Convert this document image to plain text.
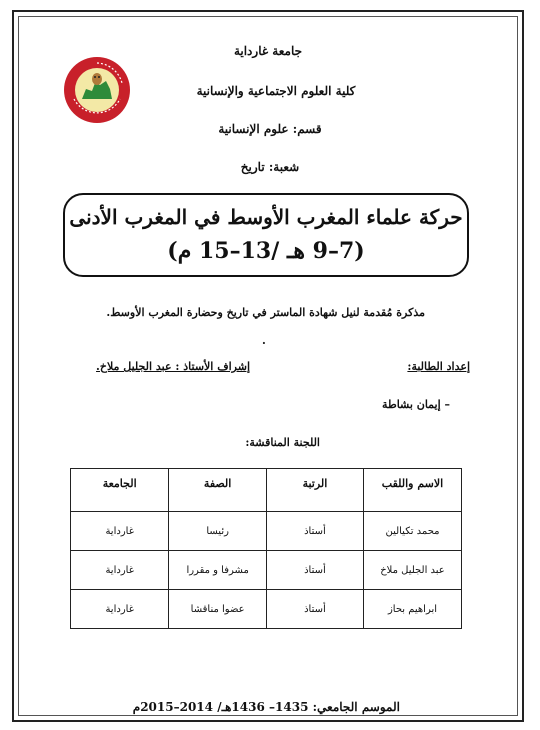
جامعة غارداية
كلية العلوم الاجتماعية والإنسانية
قسم: علوم الإنسانية
شعبة: تاريخ
حركة علماء المغرب الأوسط في المغرب الأدنى
(7–9 هـ /13–15 م)
مذكرة مُقدمة لنيل شهادة الماستر في تاريخ وحضارة المغرب الأوسط.
.
إعداد الطالبة:
إشراف الأستاذ : عبد الجليل ملاخ.
– إيمان بشاطة
اللجنة المناقشة:
الاسم واللقب	الرتبة	الصفة	الجامعة
محمد تكيالين	أستاذ	رئيسا	غارداية
عبد الجليل ملاخ	أستاذ	مشرفا و مقررا	غارداية
ابراهيم بحاز	أستاذ	عضوا مناقشا	غارداية
الموسم الجامعي: 1435– 1436هـ/ 2014–2015م
